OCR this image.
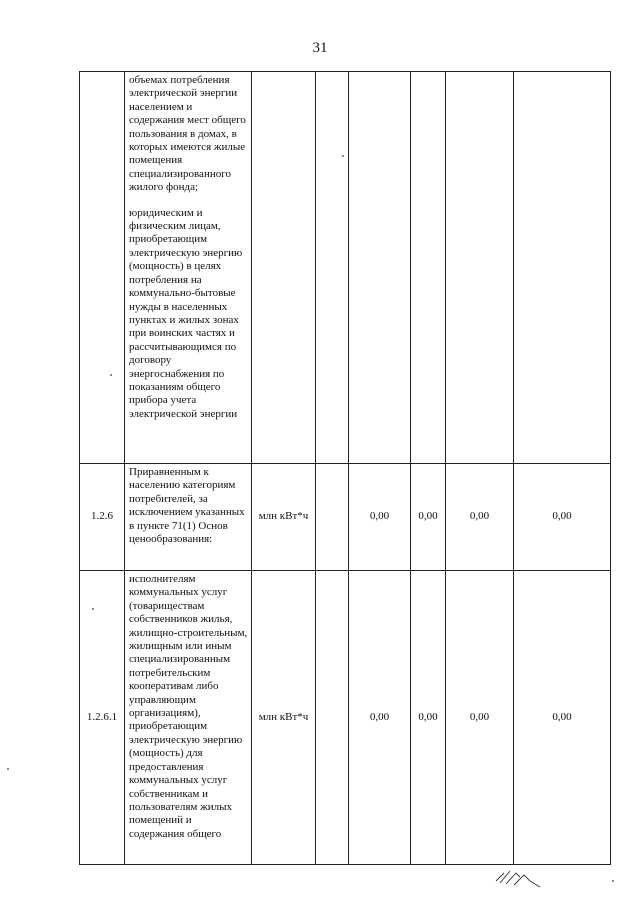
31

	объемах потребления электрической энергии населением и содержания мест общего пользования в домах, в которых имеются жилые помещения специализированного жилого фонда;
юридическим и физическим лицам, приобретающим электрическую энергию (мощность) в целях потребления на коммунально-бытовые нужды в населенных пунктах и жилых зонах при воинских частях и рассчитывающимся по договору энергоснабжения по показаниям общего прибора учета электрической энергии						

1.2.6	Приравненным к населению категориям потребителей, за исключением указанных в пункте 71(1) Основ ценообразования:	млн кВт*ч		0,00	0,00	0,00	0,00
1.2.6.1	исполнителям коммунальных услуг (товариществам собственников жилья, жилищно-строительным, жилищным или иным специализированным потребительским кооперативам либо управляющим организациям), приобретающим электрическую энергию (мощность) для предоставления коммунальных услуг собственникам и пользователям жилых помещений и содержания общего	млн кВт*ч		0,00	0,00	0,00	0,00
